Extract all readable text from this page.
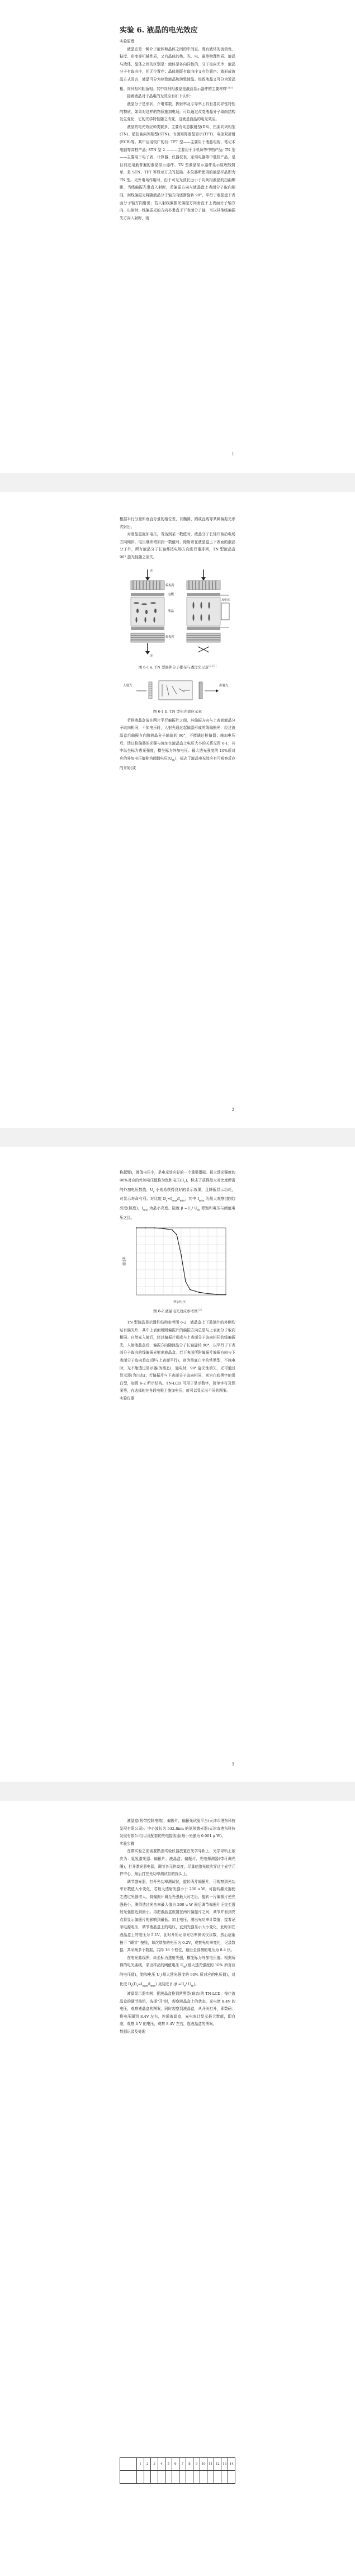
实验 6. 液晶的电光效应

实验原理

液晶态是一种介于液体和晶体之间的中间态，既有液体的流动性、粘度、形变等机械性质，又有晶体的热、光、电、磁等物理性质。液晶与液体、晶体之间的区别是：液体是各向同性的，分子取向无序；液晶分子有取向序，但无位置序；晶体则既有取向序又有位置序。就形成液晶方式而言，液晶可分为热致液晶和溶致液晶。热致液晶又可分为近晶相、向列相和胆甾相。其中向列相液晶是液晶显示器件的主要材料[1][2]

接着液晶对于晶电的光效应有如下认识：

液晶分子是形状，介电常数、折射率及专导率上具有各向异性特性的物质，如果对这样的物质施加电场，可以通过改变液晶分子取向结构发生变化，它的光学特性随之改变，这就是液晶的电光效应。

液晶的电光效应种类繁多，主要有动态散射型(DS)、扭曲向列相型(TN)、超扭曲向列相型(STN)、有源矩阵液晶显示(TFT)、电控双折射(ECB)等。其中应用较广的有: TFT 型——主要用于液晶电视、笔记本电脑等高档产品; STN 型 2 ———主要用于手机屏等中档产品; TN 型——主要用于电子表、计算器、仪器仪表、家用电器等中低档产品，是目前应用最普遍的液晶显示器件。TN 型液晶显示器件显示原理较简单，是 STN、TFT 等显示方式的基础。本仪器所使用的液晶样品即为 TN 型。见外电场作用时，由于可见光波长远小于向列相液晶的扭曲螺距，当线偏振光垂直入射时，若偏振方向与液晶盘上表面分子取向相同，则线偏振光将随液晶分子轴方向逐渐旋转 90°，平行于液晶盘下表面分子轴方向射出；若入射线偏振光偏振方向垂直于上表面分子轴方向，出射时，线偏振光的方向亦垂直于下表面分子轴，当以其他线偏振光方向入射时，则

1

根据平行分量和垂直分量的相位差，以椭圆、圆或直线等某种偏振光形式射出。

对液晶盒施加电压，当达到某一数值时，液晶分子长轴开始沿电场方向倾斜，电压继续增加到一数值时，除附着在液晶盒上下表面的液晶分子外，所有液晶分子长轴都按电场方向进行重排列，TN 型液晶盒 90° 旋光性随之消失。

光
偏振片
电极
液晶
偏振片
光
加电压

图 6-1 a. TN 型器件分子排布与透过光示意[2][3]

入射光	出射光

图 6-1 b. TN 型电光效应示意

若将液晶盒放在两片平行偏振片之间，其偏振方向与上表面液晶分子取向相同，不加电压时，入射光通过起偏器形成的线偏振光，经过液晶盒后偏振方向随液晶分子轴旋转 90°，不能通过检偏器；施加电压后，透过检偏器的光强与施加在液晶盒上电压大小的关系见图 6-1；其中纵坐标为透光强度，横坐标为外加电压。最大透光强度的 10%所对应的外加电压值称为阈值电压$(U_{th})$，标志了液晶电光效应有可观察反应的开始(或

2

称起辉)，阈值电压小，是电光效应好的一个重要指标。最大透光强度的 90%对应的外加电压值称为饱和电压$(U_r)$，标志了获得最大对比度所需的外加电压数值，$U_r$ 小则易获得良好的显示效果，且降低显示功耗，对显示寿命有利。对比度 $D_r=I_{max}/I_{min}$，其中 $I_{max}$ 为最大观察(接收)亮度(照度)，$I_{min}$ 为最小亮度。陡度 $\beta =U_r/$ $U_{th}$ 即饱和电压与阈值电压之比。

透过率
外加电压

图 6-2 液晶电光效应参考图[3]

TN 型液晶显示器件结构参考图 6-2，液晶盒上下玻璃片的外侧均贴有偏光片，其中上表面所附偏振片的偏振方向总是与上表面分子取向相同。自然光入射后，经过偏振片形成与上表面分子取向相同的线偏振光，入射液晶盒后，偏振方向随液晶分子长轴旋转 90°，以平行于下表面分子取向的线偏振光射出液晶盒。若下表面所附偏振片偏振方向与下表面分子取向垂直(即与上表面平行)，则为黑底白字的常黑型，不施电时，光不能透过显示器(为黑态)，施电时，90° 旋光性消失，光可通过显示器(为白态)；若偏振片与下表面分子取向相同，则为白底黑字的常白型，如图 6-2 所示结构。TN-LCD 可用于显示数字，简单字符及图案等，有选择的在各段电极上施加电压，就可以显示出不同的图案。

实验仪器

3

液晶盒(附带控制电箱)，偏振片，偏振光试验平台(天津市港东科技发展有限公司)。中心波长为 632.8nm 的氦氖激光器(天津市港东科技发展有限公司)以及配套的光电接收器(最小光强为 0.001 μ W)。

实验步骤

在做实验之前需要熟悉实验仪器放置在光学导轨上，光学导轨上依次为：氦氖激光器、偏振片、液晶盒、偏振片、光电探测器(带可调光阑)，打开激光器电源，调节各元件高度，尽量使激光依次穿过个光学元件中心，最后打在光功率测试仪的探头上。

调节激光器，打开光功率测试仪，旋转两片偏振片，可观察到光功率计数值大小变化，若最大透射光强小于 200 u W，可旋转激光器使之透过光强增大。将偏振片调至光强最大时之后，旋转一片偏振片使光强最小，测得透过光功率最大值为 200 u W 最后调节偏振片正交至透射光强值达到最小。再把液晶盒放置在两片偏振片之间，调节并看到亮点将显示偏振片的影响到最低。加上电压，测出光功率计数值，接着记录电源电压，调节液晶盒上的电压，直到光强显示大小变化，此时加在液晶盒上的电压为 5.1V，此时开始记录光功率测试仪读数，然后逐渐按下 "调节" 按钮，每次增加的电压为 0.2V，观察光功率变化，记录数据，共采集多个数据，共得 16 个档位，最后全部测的电压为 8.4 伏。

在电光曲线图，纵坐标为透射光强，横坐标为外加电压值。根据所得的电光曲线，求出样品的阈值电压 $U_{th}$(最大透光强度的 10% 所对应的电压值)，饱和电压 $U_r$(最大透光强度的 90% 所对应的电压值)，对比度 $D_r(D_r=I_{max}/I_{min})$ 及陡度 β ($\beta =U_r/$ $U_{th}$)。

液晶显示器实例：把液晶盒换到常黑型(暗态)的 TN-LCD，按住液晶盒的调节按钮，选择"开"时，观察液晶盒上的状态，光电增 8.4V 的电压，观察液晶盒的图案，同时观察到液晶盒，从开关打开，即数码：将电压调到 8.4V 左右，连通液晶盒，光电率计显示最大数值，即白态，观察 4 V 的电压，观察 8.4V 左右，连液晶盒的图案。

数据记录及处理

	1	2	3	4	5	6	7	8	9	10	11	12	13	14
